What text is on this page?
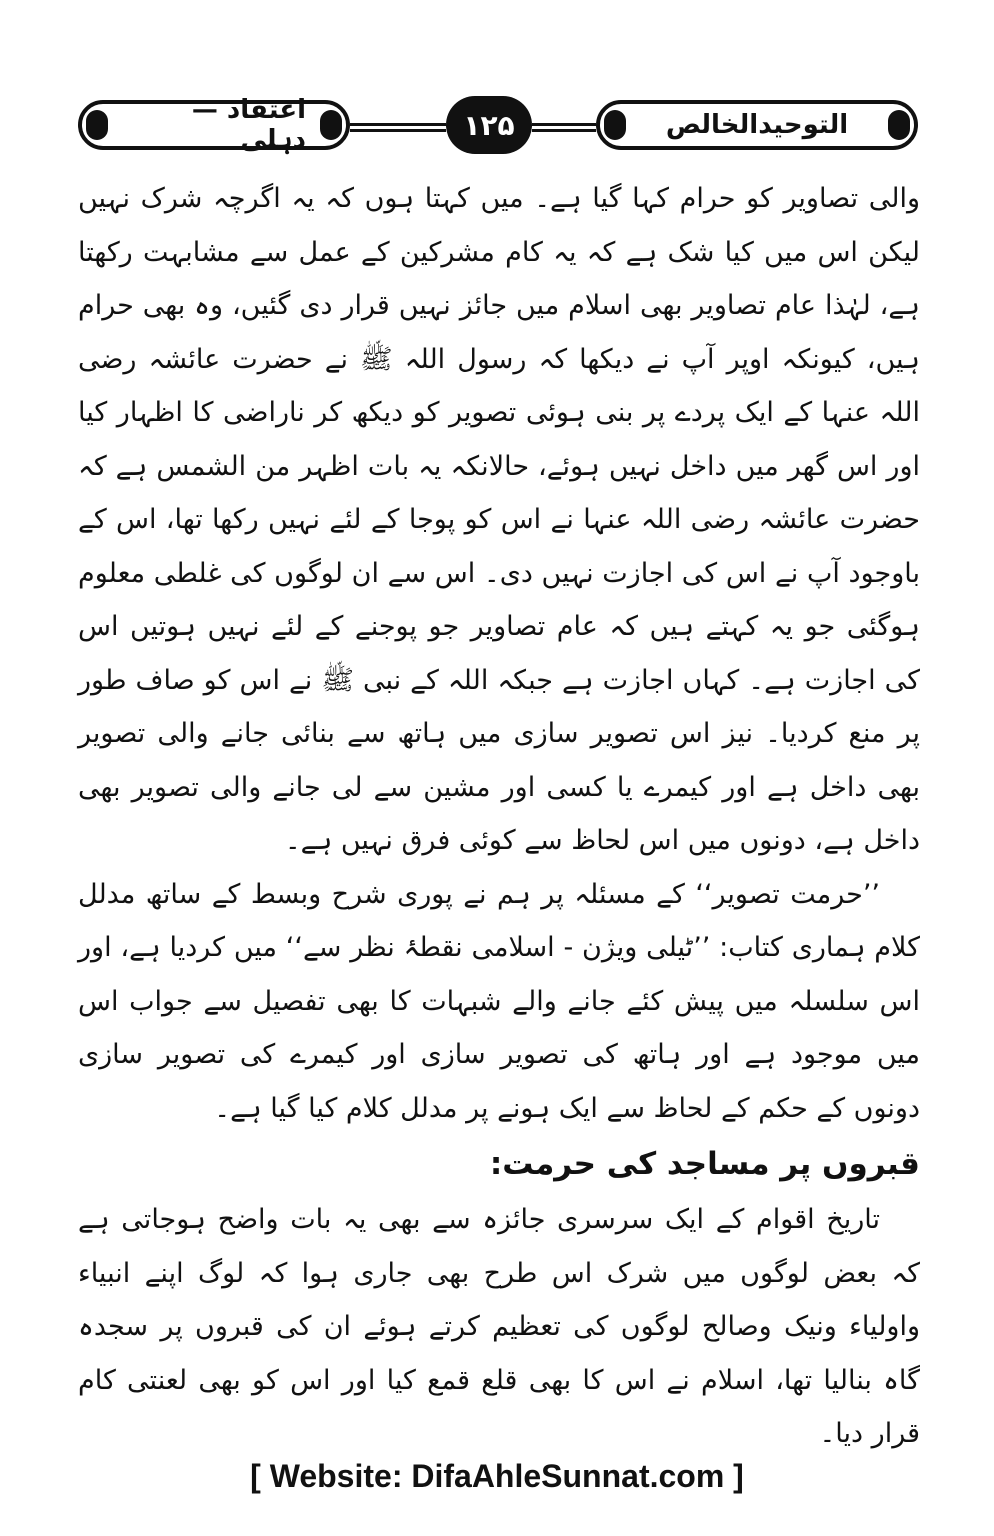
اعتقاد — دہلی	۱۲۵	التوحیدالخالص

والی تصاویر کو حرام کہا گیا ہے۔ میں کہتا ہوں کہ یہ اگرچہ شرک نہیں لیکن اس میں کیا شک ہے کہ یہ کام مشرکین کے عمل سے مشابہت رکھتا ہے، لہٰذا عام تصاویر بھی اسلام میں جائز نہیں قرار دی گئیں، وہ بھی حرام ہیں، کیونکہ اوپر آپ نے دیکھا کہ رسول اللہ ﷺ نے حضرت عائشہ رضی اللہ عنہا کے ایک پردے پر بنی ہوئی تصویر کو دیکھ کر ناراضی کا اظہار کیا اور اس گھر میں داخل نہیں ہوئے، حالانکہ یہ بات اظہر من الشمس ہے کہ حضرت عائشہ رضی اللہ عنہا نے اس کو پوجا کے لئے نہیں رکھا تھا، اس کے باوجود آپ نے اس کی اجازت نہیں دی۔ اس سے ان لوگوں کی غلطی معلوم ہوگئی جو یہ کہتے ہیں کہ عام تصاویر جو پوجنے کے لئے نہیں ہوتیں اس کی اجازت ہے۔ کہاں اجازت ہے جبکہ اللہ کے نبی ﷺ نے اس کو صاف طور پر منع کردیا۔ نیز اس تصویر سازی میں ہاتھ سے بنائی جانے والی تصویر بھی داخل ہے اور کیمرے یا کسی اور مشین سے لی جانے والی تصویر بھی داخل ہے، دونوں میں اس لحاظ سے کوئی فرق نہیں ہے۔

’’حرمت تصویر‘‘ کے مسئلہ پر ہم نے پوری شرح وبسط کے ساتھ مدلل کلام ہماری کتاب: ’’ٹیلی ویژن - اسلامی نقطۂ نظر سے‘‘ میں کردیا ہے، اور اس سلسلہ میں پیش کئے جانے والے شبہات کا بھی تفصیل سے جواب اس میں موجود ہے اور ہاتھ کی تصویر سازی اور کیمرے کی تصویر سازی دونوں کے حکم کے لحاظ سے ایک ہونے پر مدلل کلام کیا گیا ہے۔

قبروں پر مساجد کی حرمت:

تاریخ اقوام کے ایک سرسری جائزہ سے بھی یہ بات واضح ہوجاتی ہے کہ بعض لوگوں میں شرک اس طرح بھی جاری ہوا کہ لوگ اپنے انبیاء واولیاء ونیک وصالح لوگوں کی تعظیم کرتے ہوئے ان کی قبروں پر سجدہ گاہ بنالیا تھا، اسلام نے اس کا بھی قلع قمع کیا اور اس کو بھی لعنتی کام قرار دیا۔

[ Website: DifaAhleSunnat.com ]
